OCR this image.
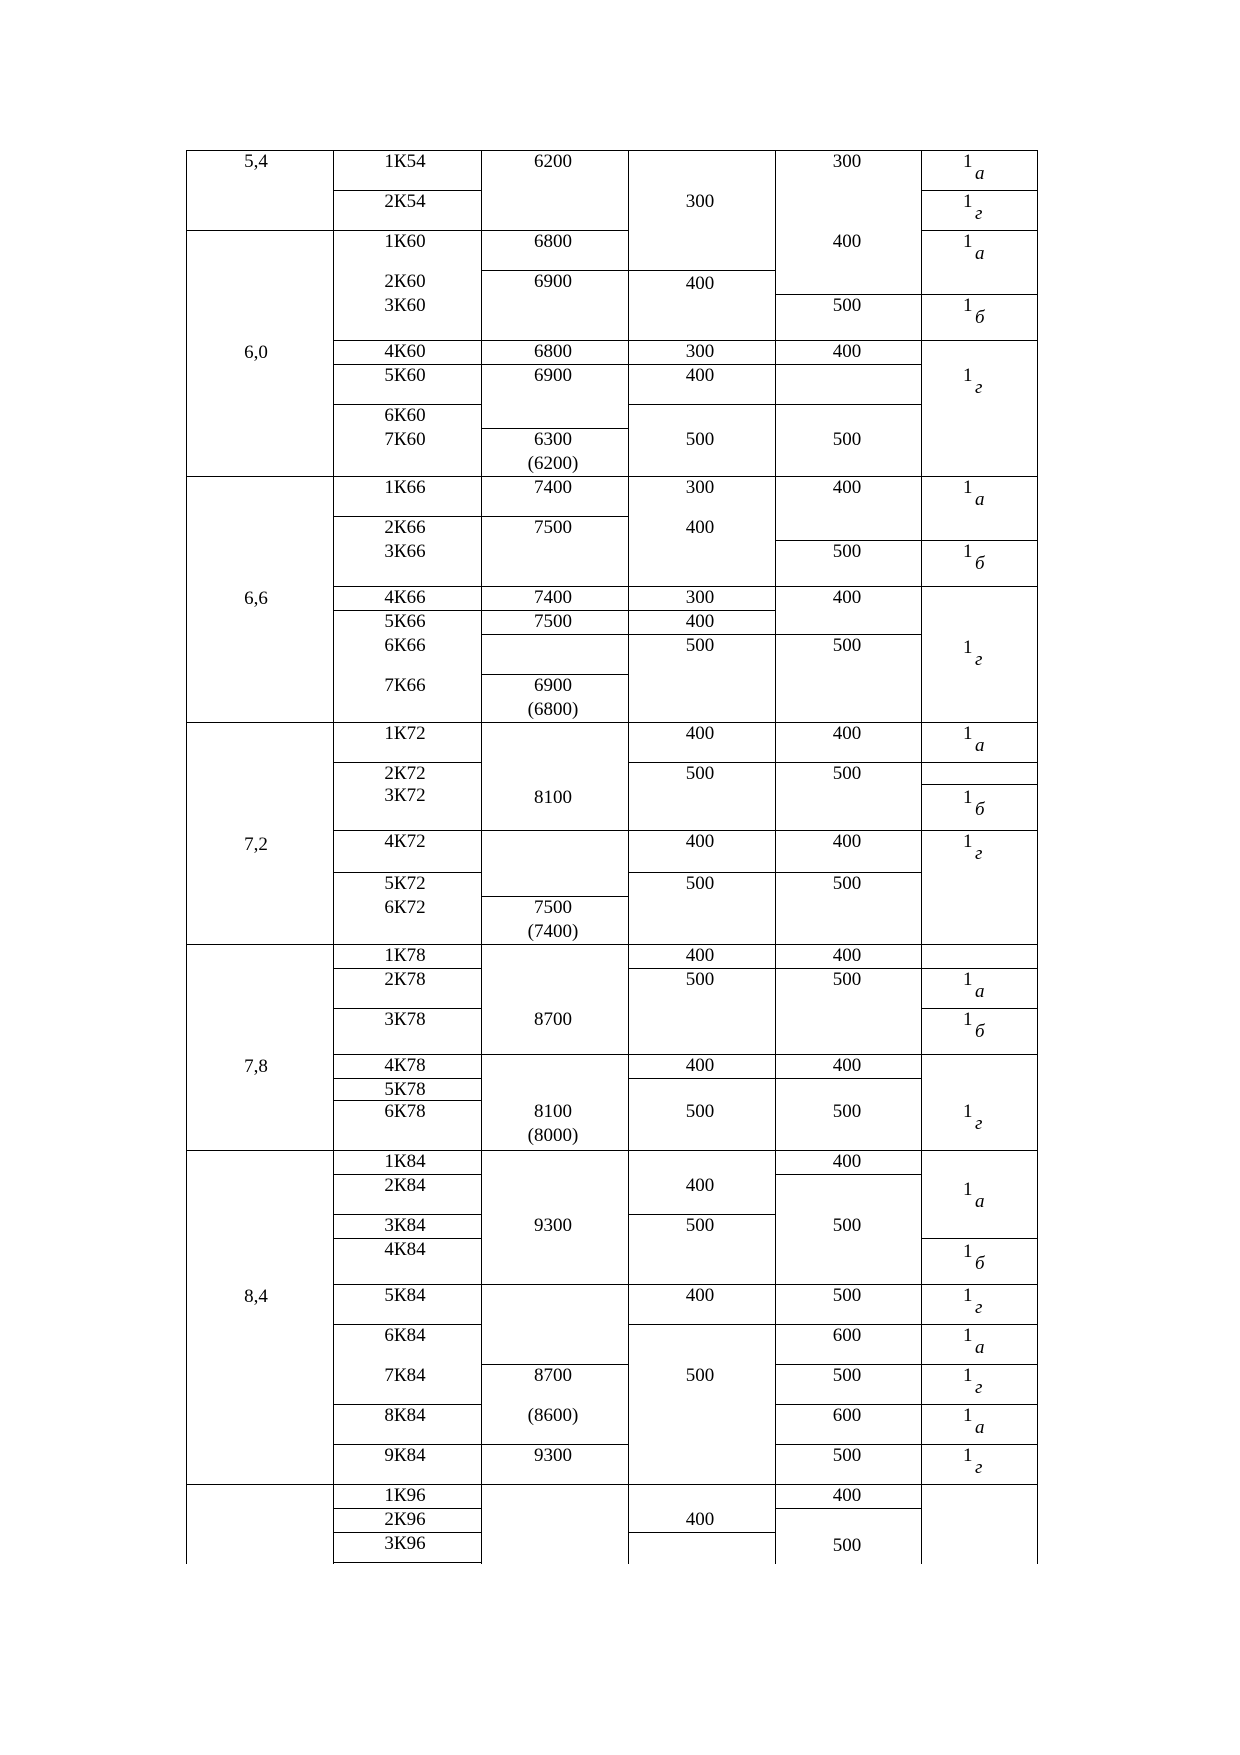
5,4
6,0
6,6
7,2
7,8
8,4
1К54
2К54
1К60
2К60
3К60
4К60
5К60
6К60
7К60
1К66
2К66
3К66
4К66
5К66
6К66
7К66
1К72
2К72
3К72
4К72
5К72
6К72
1К78
2К78
3К78
4К78
5К78
6К78
1К84
2К84
3К84
4К84
5К84
6К84
7К84
8К84
9К84
1К96
2К96
3К96
6200
6800
6900
6800
6900
6300
7400
7500
7400
7500
6900
8100
7500
8700
8100
9300
8700
(8600)
9300
(6200)
(6800)
(7400)
(8000)
300
400
300
400
500
300
400
300
400
500
400
500
400
500
400
500
400
500
400
500
400
500
400
300
400
500
400
500
400
500
400
500
400
500
400
500
400
500
400
500
400
500
500
600
500
600
500
400
500
1
а
1
г
1
а
1
б
1
г
1
а
1
б
1
г
1
а
1
б
1
г
1
а
1
б
1
г
1
а
1
б
1
г
1
а
1
г
1
а
1
г
